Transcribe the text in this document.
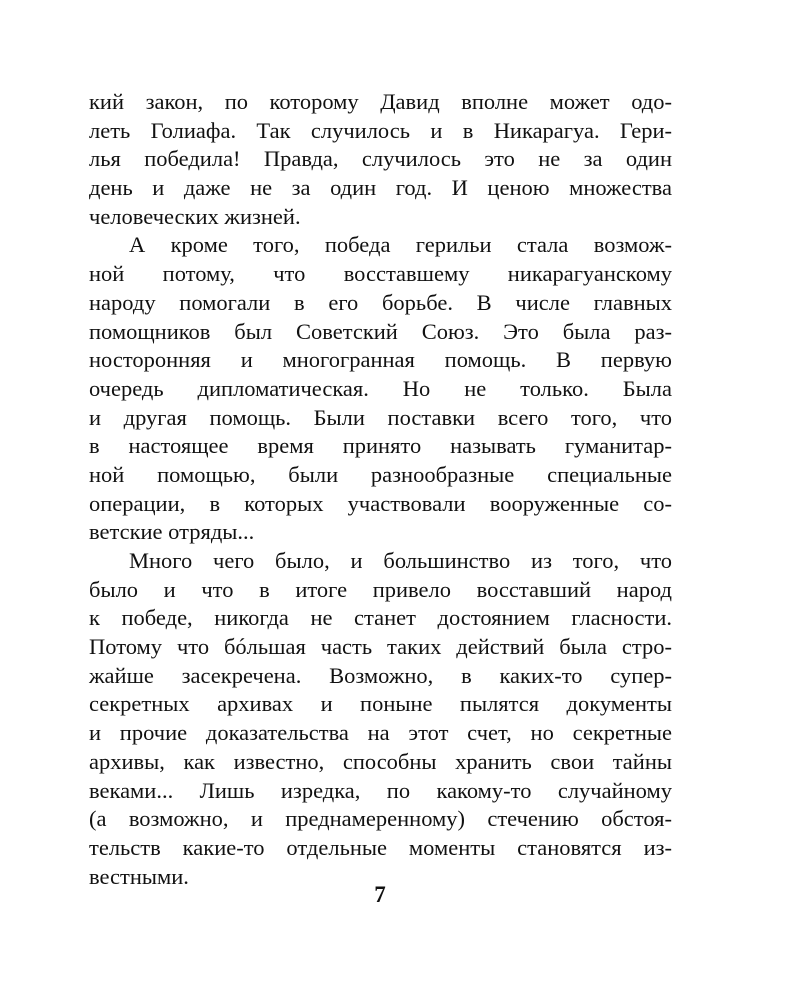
кий закон, по которому Давид вполне может одо-
леть Голиафа. Так случилось и в Никарагуа. Гери-
лья победила! Правда, случилось это не за один
день и даже не за один год. И ценою множества
человеческих жизней.
А кроме того, победа герильи стала возмож-
ной потому, что восставшему никарагуанскому
народу помогали в его борьбе. В числе главных
помощников был Советский Союз. Это была раз-
носторонняя и многогранная помощь. В первую
очередь дипломатическая. Но не только. Была
и другая помощь. Были поставки всего того, что
в настоящее время принято называть гуманитар-
ной помощью, были разнообразные специальные
операции, в которых участвовали вооруженные со-
ветские отряды...
Много чего было, и большинство из того, что
было и что в итоге привело восставший народ
к победе, никогда не станет достоянием гласности.
Потому что бóльшая часть таких действий была стро-
жайше засекречена. Возможно, в каких-то супер-
секретных архивах и поныне пылятся документы
и прочие доказательства на этот счет, но секретные
архивы, как известно, способны хранить свои тайны
веками... Лишь изредка, по какому-то случайному
(а возможно, и преднамеренному) стечению обстоя-
тельств какие-то отдельные моменты становятся из-
вестными.
7
